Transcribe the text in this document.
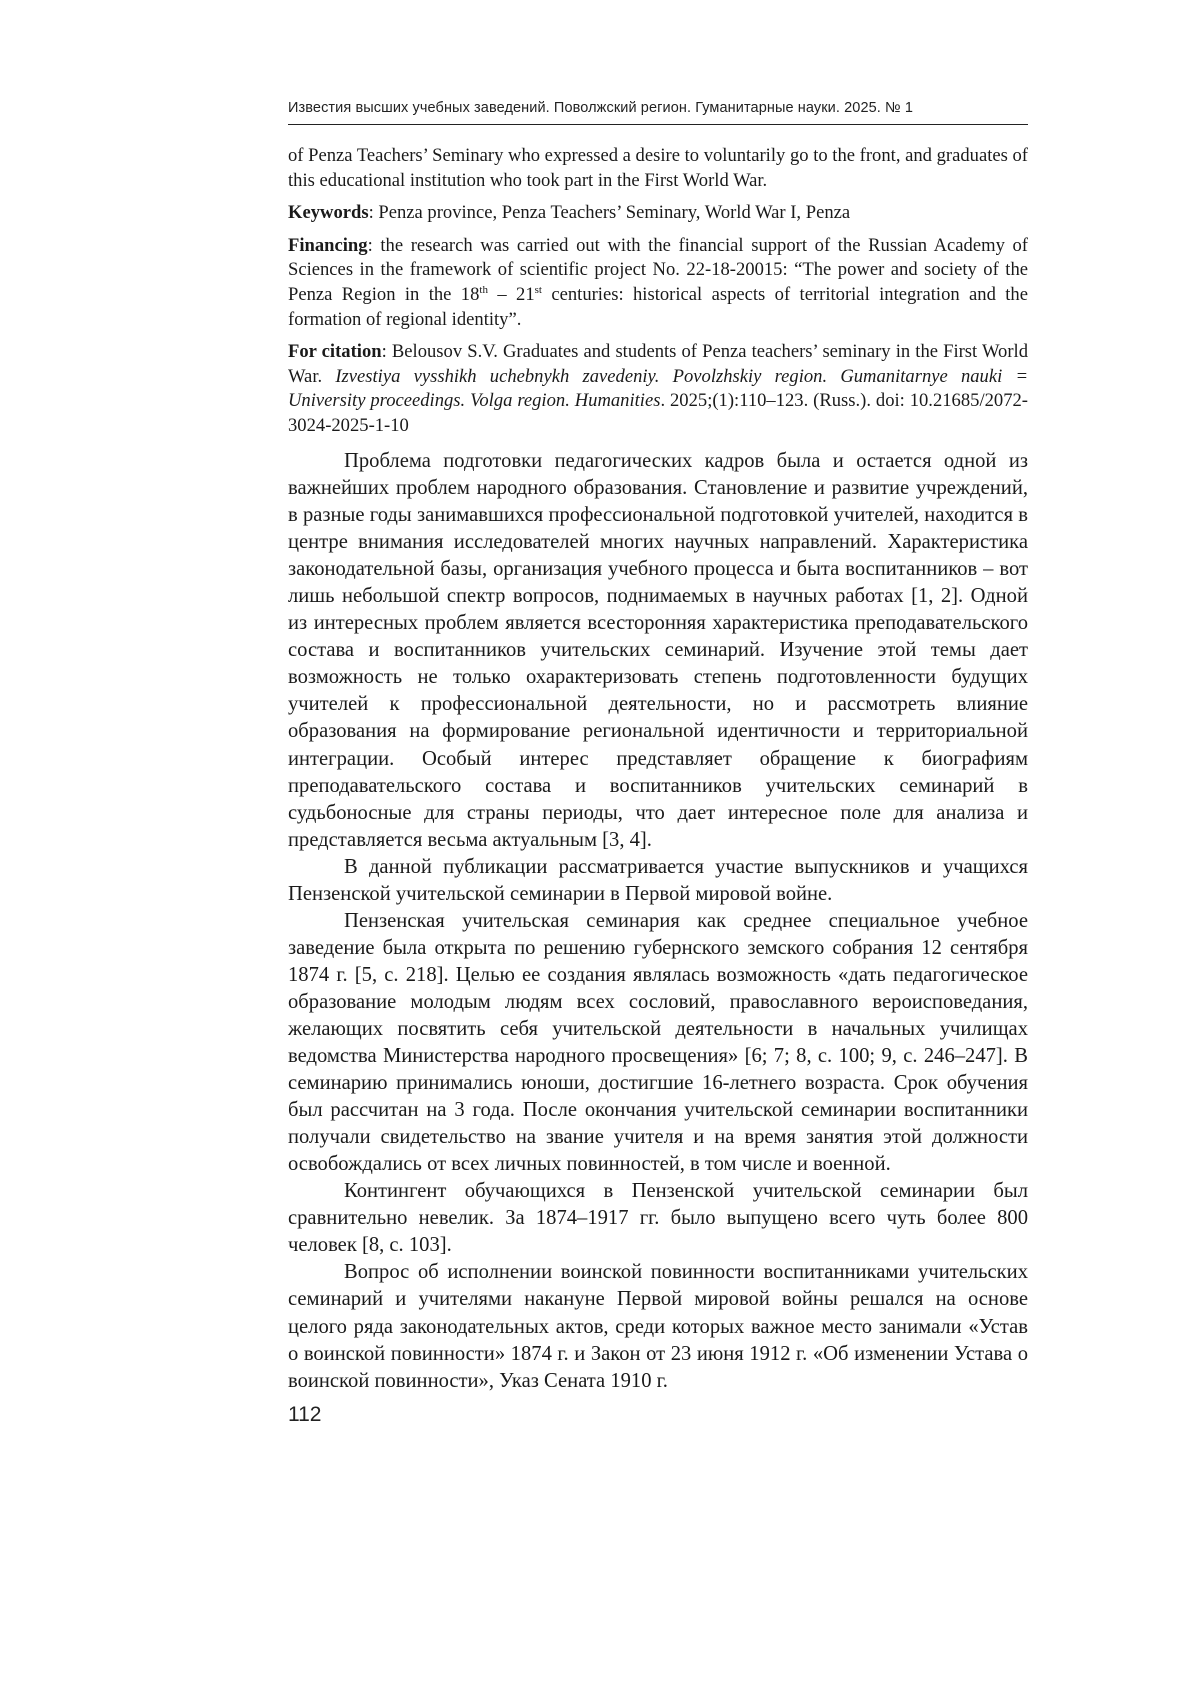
Известия высших учебных заведений. Поволжский регион. Гуманитарные науки. 2025. № 1

of Penza Teachers’ Seminary who expressed a desire to voluntarily go to the front, and graduates of this educational institution who took part in the First World War.

Keywords: Penza province, Penza Teachers’ Seminary, World War I, Penza

Financing: the research was carried out with the financial support of the Russian Academy of Sciences in the framework of scientific project No. 22-18-20015: “The power and society of the Penza Region in the 18th – 21st centuries: historical aspects of territorial integration and the formation of regional identity”.

For citation: Belousov S.V. Graduates and students of Penza teachers’ seminary in the First World War. Izvestiya vysshikh uchebnykh zavedeniy. Povolzhskiy region. Gumanitarnye nauki = University proceedings. Volga region. Humanities. 2025;(1):110–123. (Russ.). doi: 10.21685/2072-3024-2025-1-10

Проблема подготовки педагогических кадров была и остается одной из важнейших проблем народного образования. Становление и развитие учреждений, в разные годы занимавшихся профессиональной подготовкой учителей, находится в центре внимания исследователей многих научных направлений. Характеристика законодательной базы, организация учебного процесса и быта воспитанников – вот лишь небольшой спектр вопросов, поднимаемых в научных работах [1, 2]. Одной из интересных проблем является всесторонняя характеристика преподавательского состава и воспитанников учительских семинарий. Изучение этой темы дает возможность не только охарактеризовать степень подготовленности будущих учителей к профессиональной деятельности, но и рассмотреть влияние образования на формирование региональной идентичности и территориальной интеграции. Особый интерес представляет обращение к биографиям преподавательского состава и воспитанников учительских семинарий в судьбоносные для страны периоды, что дает интересное поле для анализа и представляется весьма актуальным [3, 4].

В данной публикации рассматривается участие выпускников и учащихся Пензенской учительской семинарии в Первой мировой войне.

Пензенская учительская семинария как среднее специальное учебное заведение была открыта по решению губернского земского собрания 12 сентября 1874 г. [5, с. 218]. Целью ее создания являлась возможность «дать педагогическое образование молодым людям всех сословий, православного вероисповедания, желающих посвятить себя учительской деятельности в начальных училищах ведомства Министерства народного просвещения» [6; 7; 8, с. 100; 9, с. 246–247]. В семинарию принимались юноши, достигшие 16-летнего возраста. Срок обучения был рассчитан на 3 года. После окончания учительской семинарии воспитанники получали свидетельство на звание учителя и на время занятия этой должности освобождались от всех личных повинностей, в том числе и военной.

Контингент обучающихся в Пензенской учительской семинарии был сравнительно невелик. За 1874–1917 гг. было выпущено всего чуть более 800 человек [8, с. 103].

Вопрос об исполнении воинской повинности воспитанниками учительских семинарий и учителями накануне Первой мировой войны решался на основе целого ряда законодательных актов, среди которых важное место занимали «Устав о воинской повинности» 1874 г. и Закон от 23 июня 1912 г. «Об изменении Устава о воинской повинности», Указ Сената 1910 г.

112
